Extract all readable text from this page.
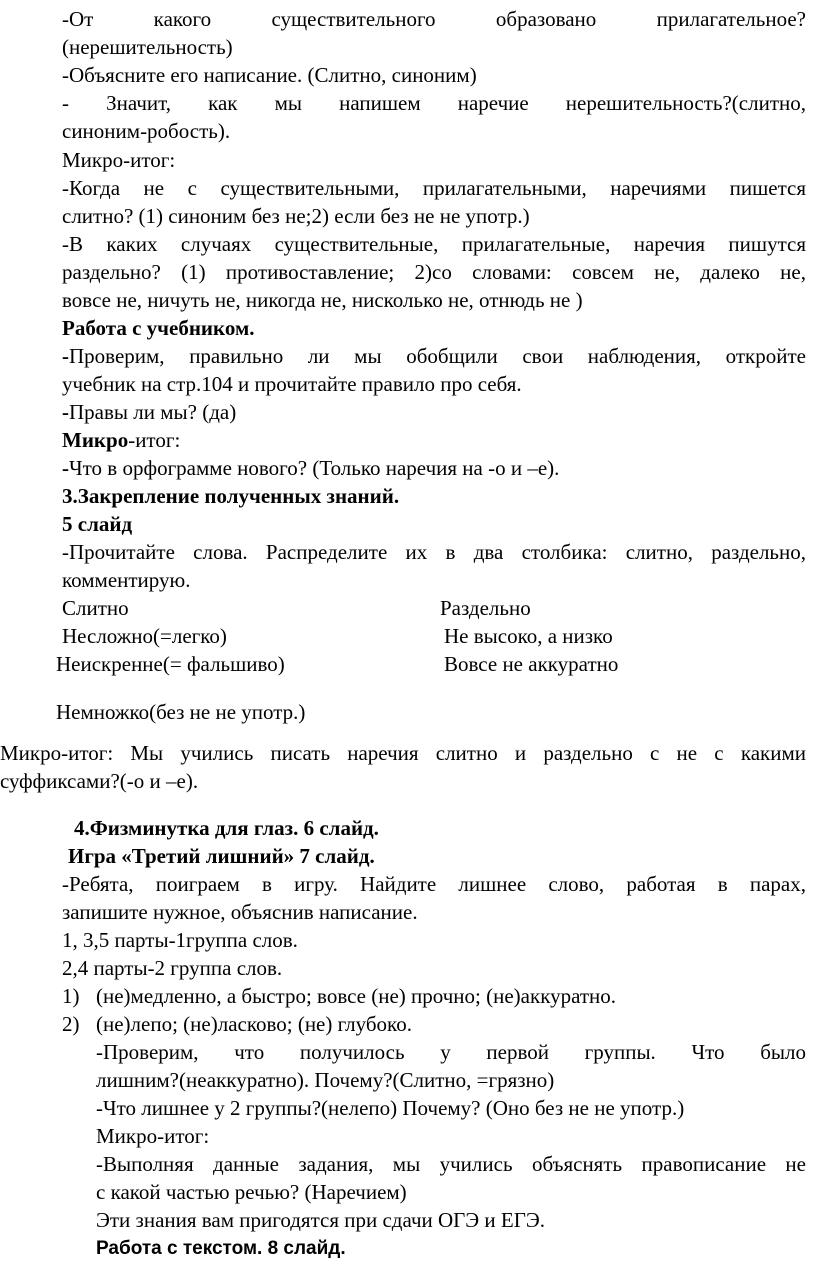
-От какого существительного образовано прилагательное?
(нерешительность)
-Объясните его написание. (Слитно, синоним)
- Значит, как мы напишем наречие нерешительность?(слитно,
синоним-робость).
Микро-итог:
-Когда не с существительными, прилагательными, наречиями пишется
слитно? (1) синоним без не;2) если без не не употр.)
-В каких случаях существительные, прилагательные, наречия пишутся
раздельно? (1) противоставление; 2)со словами: совсем не, далеко не,
вовсе не, ничуть не, никогда не, нисколько не, отнюдь не )
Работа с учебником.
-Проверим, правильно ли мы обобщили свои наблюдения, откройте
учебник на стр.104 и прочитайте правило про себя.
-Правы ли мы? (да)
Микро-итог:
-Что в орфограмме нового? (Только наречия на -о и –е).
3.Закрепление полученных знаний.
5 слайд
-Прочитайте слова. Распределите их в два столбика: слитно, раздельно,
комментирую.
Слитно	Раздельно
Несложно(=легко)	Не высоко, а низко
Неискренне(= фальшиво)	Вовсе не аккуратно
Немножко(без не не употр.)
Микро-итог: Мы учились писать наречия слитно и раздельно с не с какими
суффиксами?(-о и –е).
4.Физминутка для глаз. 6 слайд.
Игра «Третий лишний» 7 слайд.
-Ребята, поиграем в игру. Найдите лишнее слово, работая в парах,
запишите нужное, объяснив написание.
1, 3,5 парты-1группа слов.
2,4 парты-2 группа слов.
1) (не)медленно, а быстро; вовсе (не) прочно; (не)аккуратно.
2) (не)лепо; (не)ласково; (не) глубоко.
-Проверим, что получилось у первой группы. Что было
лишним?(неаккуратно). Почему?(Слитно, =грязно)
-Что лишнее у 2 группы?(нелепо) Почему? (Оно без не не употр.)
Микро-итог:
-Выполняя данные задания, мы учились объяснять правописание не
с какой частью речью? (Наречием)
Эти знания вам пригодятся при сдачи ОГЭ и ЕГЭ.
Работа с текстом. 8 слайд.
